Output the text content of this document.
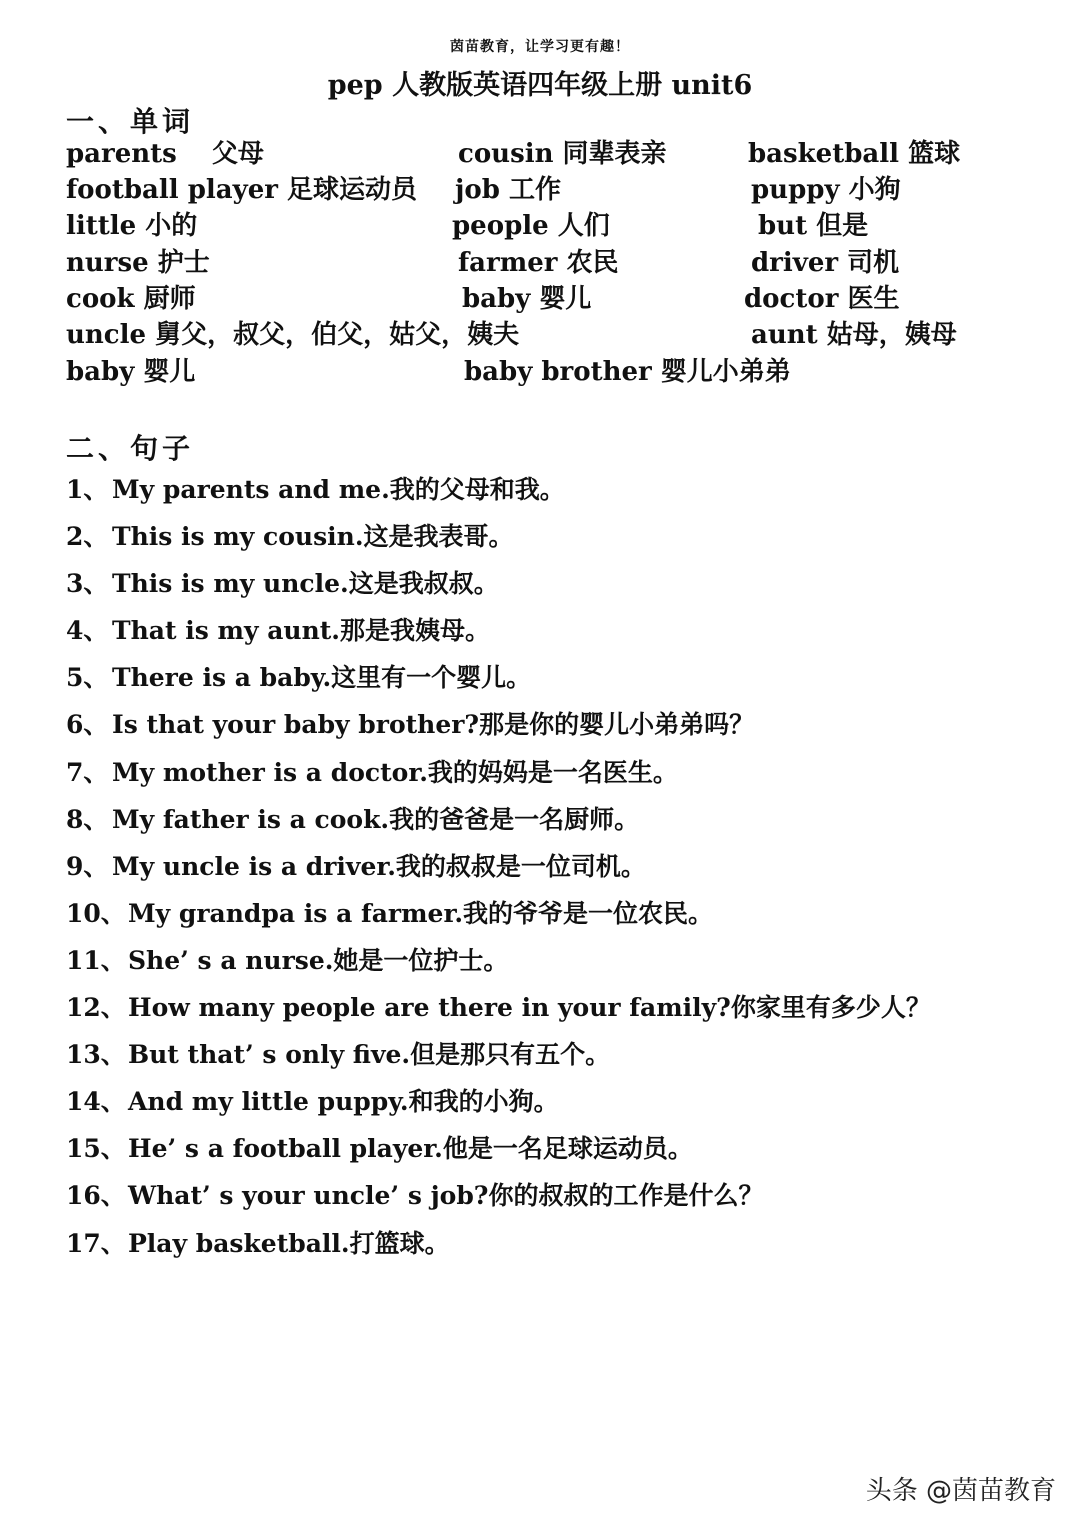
茵苗教育，让学习更有趣！
pep 人教版英语四年级上册 unit6
一、单词
parents　 父母	cousin 同辈表亲	basketball 篮球
football player 足球运动员 job 工作	puppy 小狗
little 小的	people 人们	but 但是
nurse 护士	farmer 农民	driver 司机
cook 厨师	baby 婴儿	doctor 医生
uncle 舅父，叔父，伯父，姑父，姨夫	aunt 姑母，姨母
baby 婴儿	baby brother 婴儿小弟弟
二、句子
1、 My parents and me.我的父母和我。
2、 This is my cousin.这是我表哥。
3、 This is my uncle.这是我叔叔。
4、 That is my aunt.那是我姨母。
5、 There is a baby.这里有一个婴儿。
6、 Is that your baby brother?那是你的婴儿小弟弟吗？
7、 My mother is a doctor.我的妈妈是一名医生。
8、 My father is a cook.我的爸爸是一名厨师。
9、 My uncle is a driver.我的叔叔是一位司机。
10、My grandpa is a farmer.我的爷爷是一位农民。
11、She’ s a nurse.她是一位护士。
12、How many people are there in your family?你家里有多少人？
13、But that’ s only five.但是那只有五个。
14、And my little puppy.和我的小狗。
15、He’ s a football player.他是一名足球运动员。
16、What’ s your uncle’ s job?你的叔叔的工作是什么？
17、Play basketball.打篮球。
头条 @茵苗教育
